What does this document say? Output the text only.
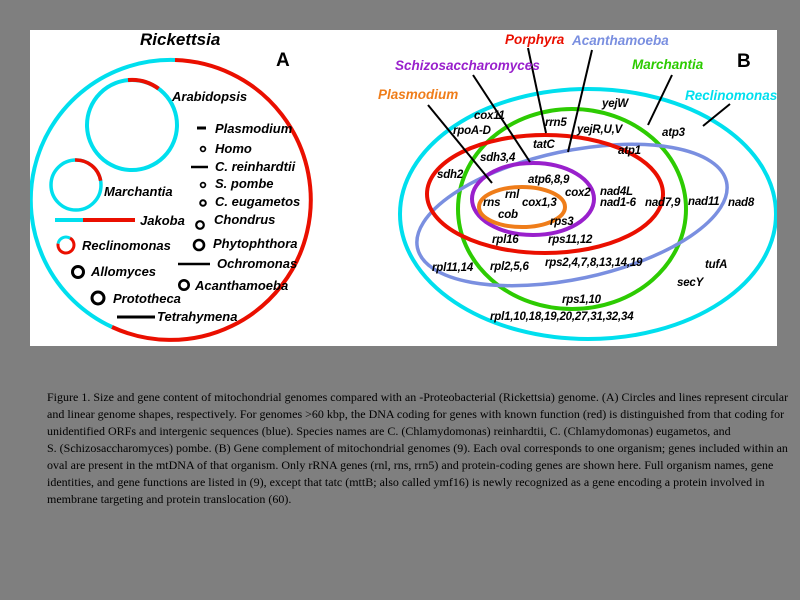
Rickettsia
A
Arabidopsis
Marchantia
Jakoba
Reclinomonas
Allomyces
Prototheca
Tetrahymena
Plasmodium
Homo
C. reinhardtii
S. pombe
C. eugametos
Chondrus
Phytophthora
Ochromonas
Acanthamoeba
Porphyra Acanthamoeba
Schizosaccharomyces	Marchantia B
Plasmodium	Reclinomonas
yejW
cox11
rpoA-D
rrn5
yejR,U,V	atp3
tatC	atp1
sdh3,4
sdh2	atp6,8,9
rnl
rns cox1,3
cox2 nad4L
nad1-6 nad7,9 nad11 nad8
cob
rps3
rpl16	rps11,12
rpl11,14 rpl2,5,6 rps2,4,7,8,13,14,19	tufA
secY
rps1,10
rpl1,10,18,19,20,27,31,32,34
Figure 1. Size and gene content of mitochondrial genomes compared with an -Proteobacterial (Rickettsia) genome. (A) Circles and lines represent circular
and linear genome shapes, respectively. For genomes >60 kbp, the DNA coding for genes with known function (red) is distinguished from that coding for
unidentified ORFs and intergenic sequences (blue). Species names are C. (Chlamydomonas) reinhardtii, C. (Chlamydomonas) eugametos, and
S. (Schizosaccharomyces) pombe. (B) Gene complement of mitochondrial genomes (9). Each oval corresponds to one organism; genes included within an
oval are present in the mtDNA of that organism. Only rRNA genes (rnl, rns, rrn5) and protein-coding genes are shown here. Full organism names, gene
identities, and gene functions are listed in (9), except that tatc (mttB; also called ymf16) is newly recognized as a gene encoding a protein involved in
membrane targeting and protein translocation (60).
